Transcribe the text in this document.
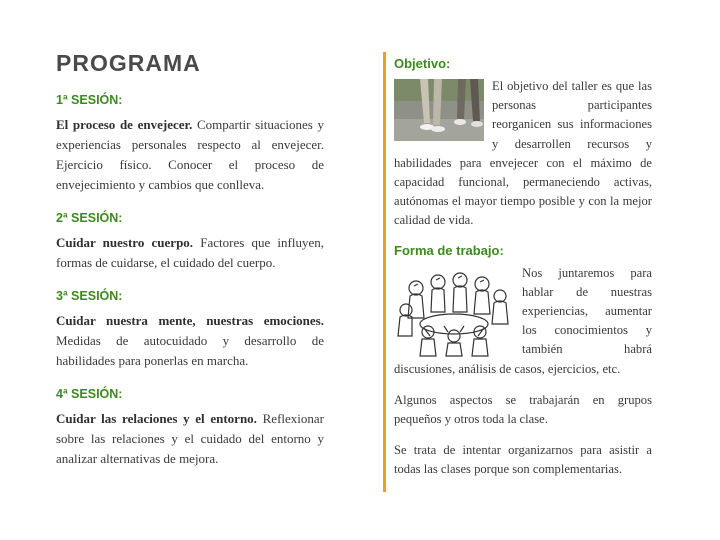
PROGRAMA
1ª SESIÓN:

El proceso de envejecer. Compartir situaciones y experiencias personales respecto al envejecer. Ejercicio físico. Conocer el proceso de envejecimiento y cambios que conlleva.

2ª SESIÓN:

Cuidar nuestro cuerpo. Factores que influyen, formas de cuidarse, el cuidado del cuerpo.

3ª SESIÓN:

Cuidar nuestra mente, nuestras emociones. Medidas de autocuidado y desarrollo de habilidades para ponerlas en marcha.

4ª SESIÓN:

Cuidar las relaciones y el entorno. Reflexionar sobre las relaciones y el cuidado del entorno y analizar alternativas de mejora.

Objetivo:

El objetivo del taller es que las personas participantes reorganicen sus informaciones y desarrollen recursos y habilidades para envejecer con el máximo de capacidad funcional, permaneciendo activas, autónomas el mayor tiempo posible y con la mejor calidad de vida.

Forma de trabajo:

Nos juntaremos para hablar de nuestras experiencias, aumentar los conocimientos y también habrá discusiones, análisis de casos, ejercicios, etc.

Algunos aspectos se trabajarán en grupos pequeños y otros toda la clase.

Se trata de intentar organizarnos para asistir a todas las clases porque son complementarias.
